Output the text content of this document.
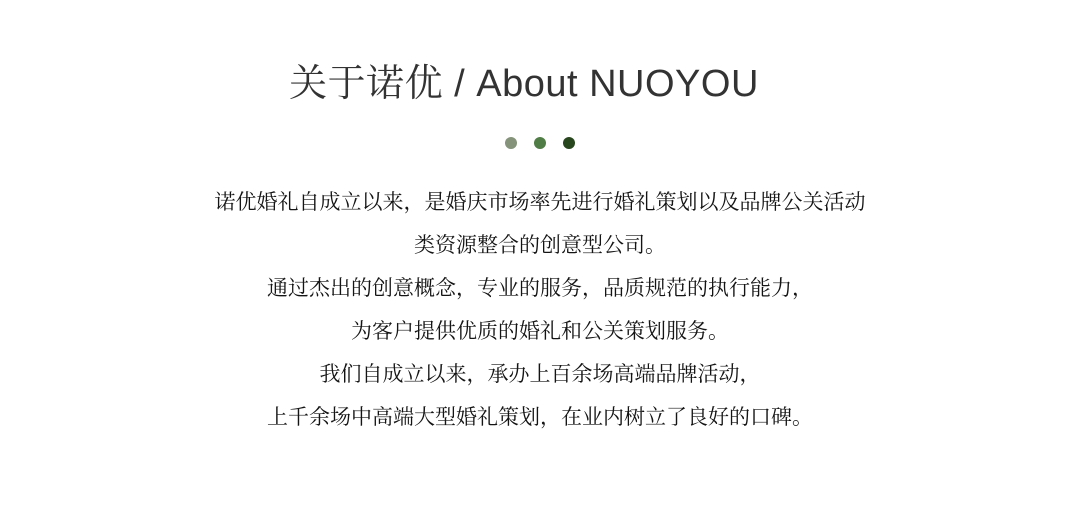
关于诺优 / About NUOYOU

诺优婚礼自成立以来，是婚庆市场率先进行婚礼策划以及品牌公关活动

类资源整合的创意型公司。

通过杰出的创意概念，专业的服务，品质规范的执行能力，

为客户提供优质的婚礼和公关策划服务。

我们自成立以来，承办上百余场高端品牌活动，

上千余场中高端大型婚礼策划，在业内树立了良好的口碑。
